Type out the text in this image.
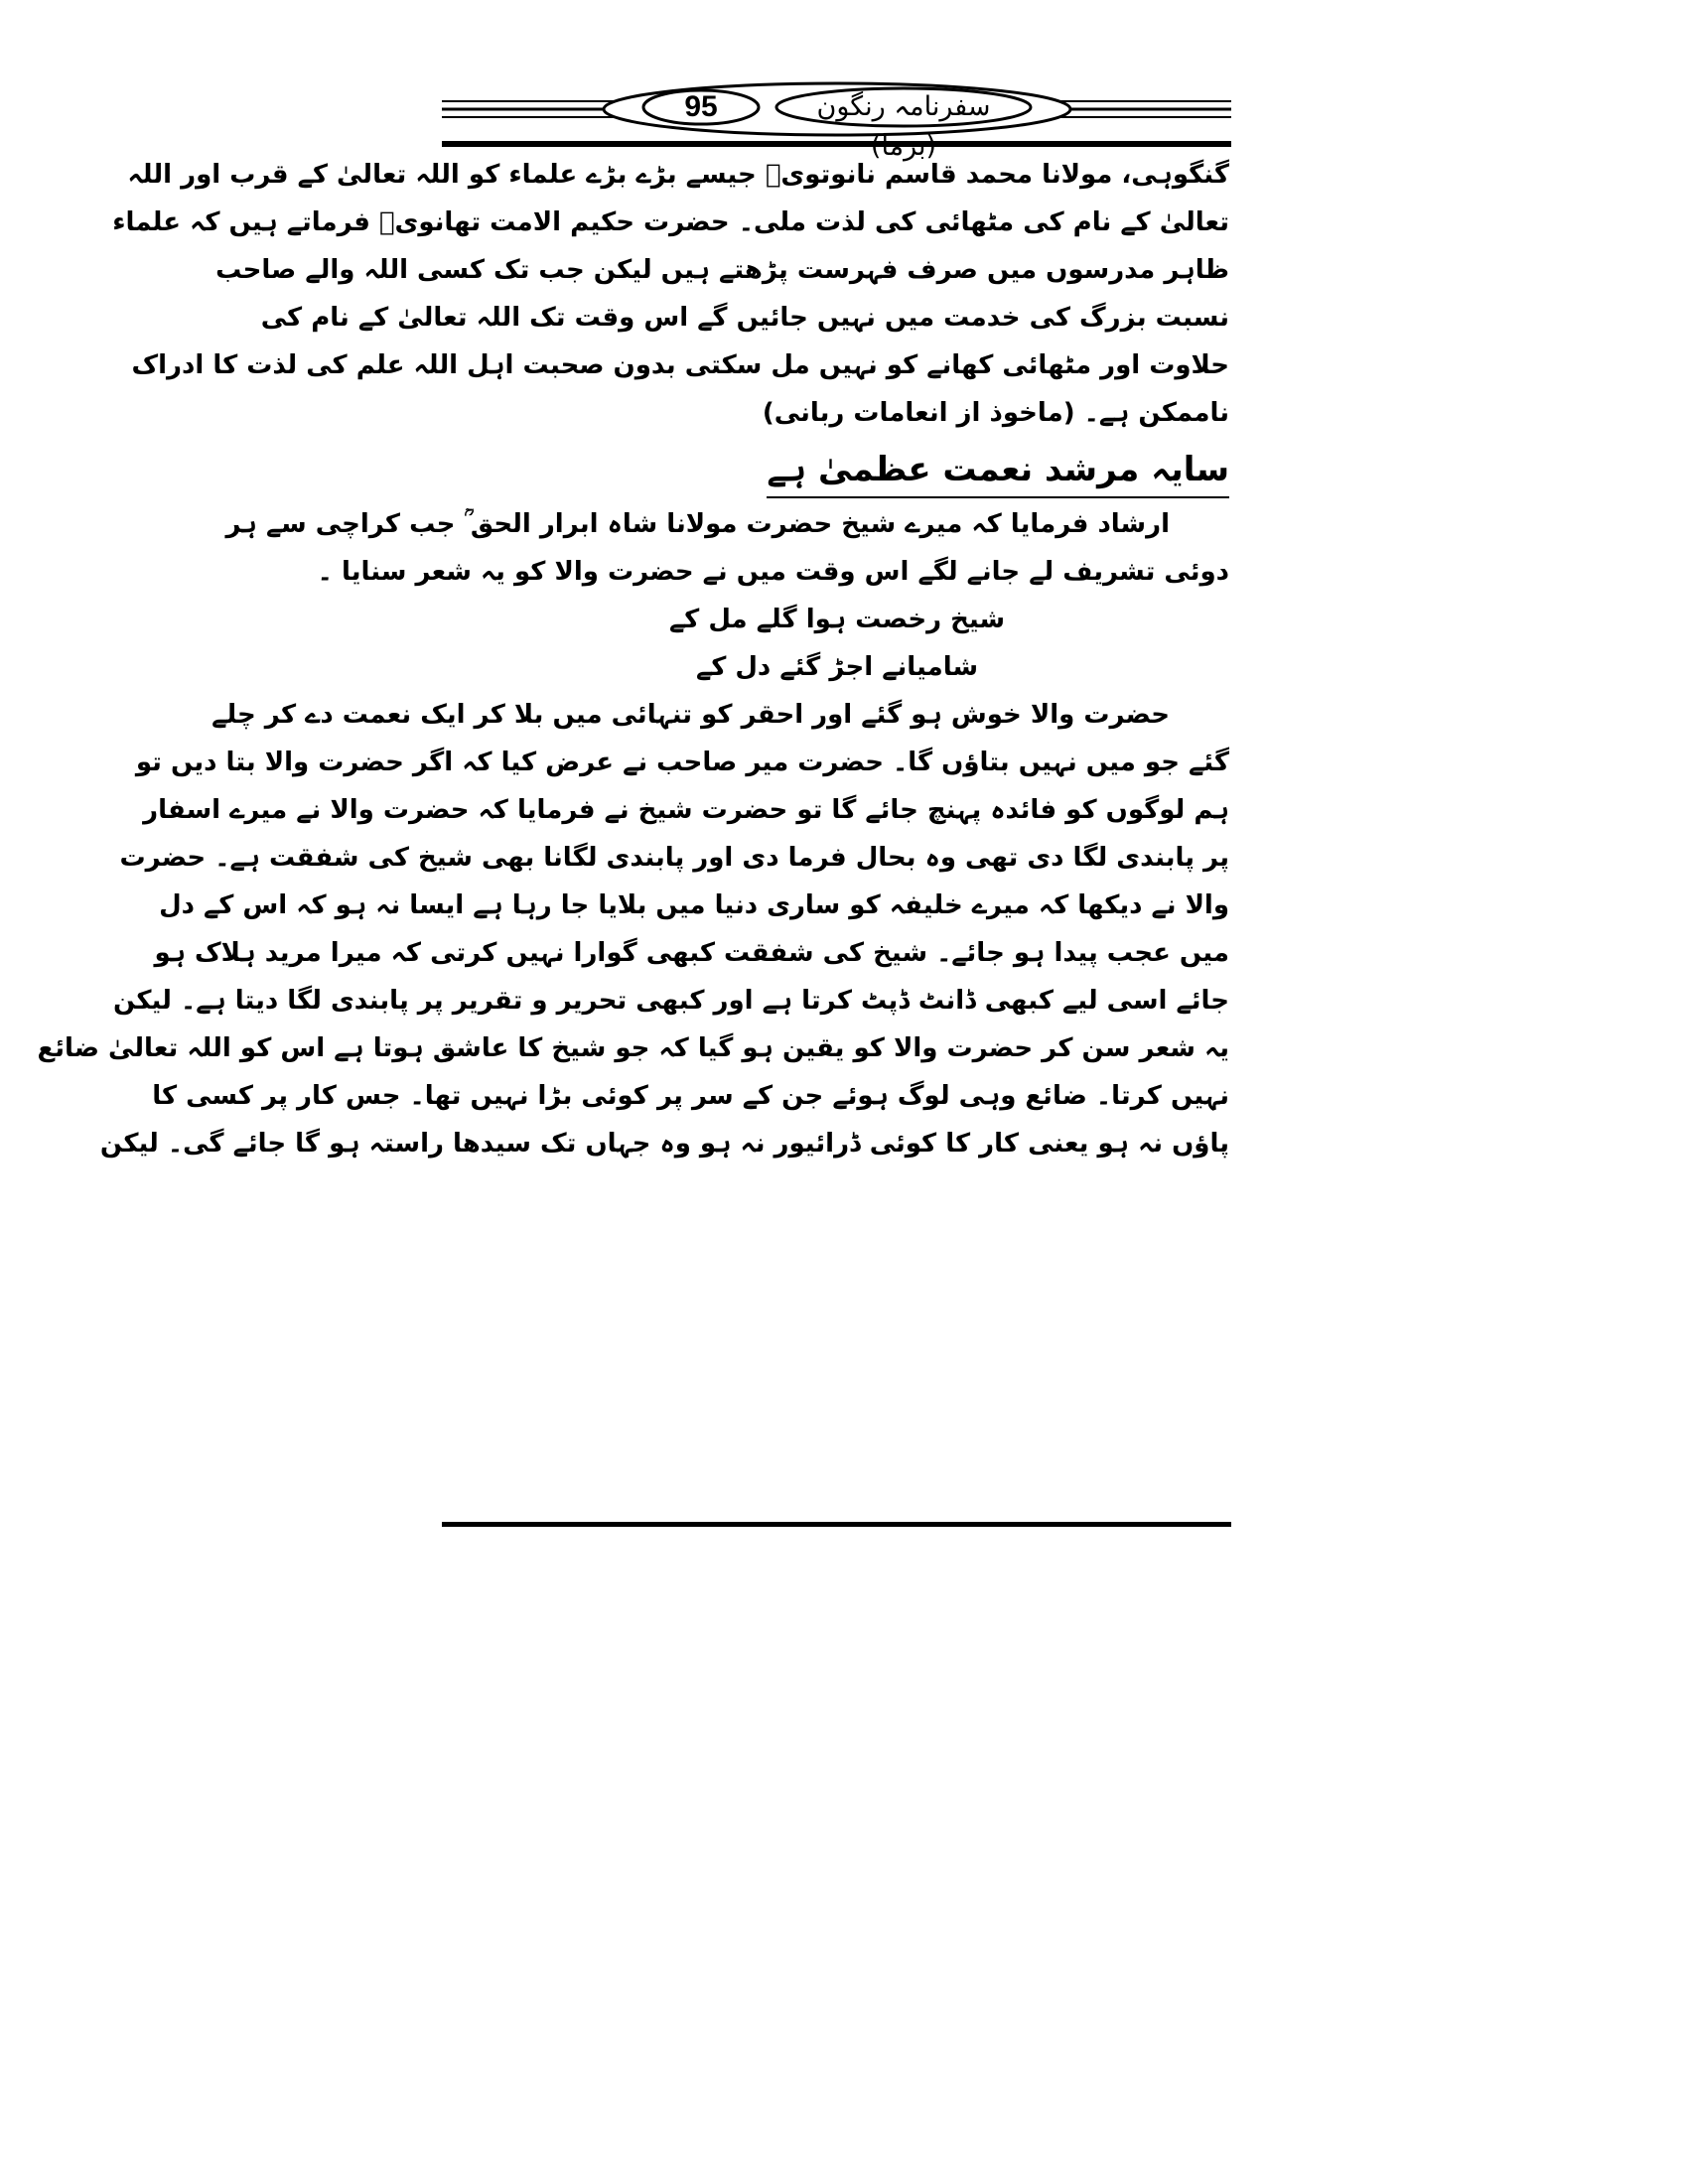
95	سفرنامہ رنگون
گنگوہی، مولانا محمد قاسم نانوتویؒ جیسے بڑے بڑے علماء کو اللہ تعالیٰ کے قرب اور اللہ
تعالیٰ کے نام کی مٹھائی کی لذت ملی۔ حضرت حکیم الامت تھانویؒ فرماتے ہیں کہ علماء
ظاہر مدرسوں میں صرف فہرست پڑھتے ہیں لیکن جب تک کسی اللہ والے صاحب
نسبت بزرگ کی خدمت میں نہیں جائیں گے اس وقت تک اللہ تعالیٰ کے نام کی
حلاوت اور مٹھائی کھانے کو نہیں مل سکتی بدون صحبت اہل اللہ علم کی لذت کا ادراک
ناممکن ہے۔ (ماخوذ از انعامات ربانی)
سایہ مرشد نعمت عظمیٰ ہے
ارشاد فرمایا کہ میرے شیخ حضرت مولانا شاہ ابرار الحق ؒ جب کراچی سے ہر
دوئی تشریف لے جانے لگے اس وقت میں نے حضرت والا کو یہ شعر سنایا ۔
شیخ رخصت ہوا گلے مل کے
شامیانے اجڑ گئے دل کے
حضرت والا خوش ہو گئے اور احقر کو تنہائی میں بلا کر ایک نعمت دے کر چلے
گئے جو میں نہیں بتاؤں گا۔ حضرت میر صاحب نے عرض کیا کہ اگر حضرت والا بتا دیں تو
ہم لوگوں کو فائدہ پہنچ جائے گا تو حضرت شیخ نے فرمایا کہ حضرت والا نے میرے اسفار
پر پابندی لگا دی تھی وہ بحال فرما دی اور پابندی لگانا بھی شیخ کی شفقت ہے۔ حضرت
والا نے دیکھا کہ میرے خلیفہ کو ساری دنیا میں بلایا جا رہا ہے ایسا نہ ہو کہ اس کے دل
میں عجب پیدا ہو جائے۔ شیخ کی شفقت کبھی گوارا نہیں کرتی کہ میرا مرید ہلاک ہو
جائے اسی لیے کبھی ڈانٹ ڈپٹ کرتا ہے اور کبھی تحریر و تقریر پر پابندی لگا دیتا ہے۔ لیکن
یہ شعر سن کر حضرت والا کو یقین ہو گیا کہ جو شیخ کا عاشق ہوتا ہے اس کو اللہ تعالیٰ ضائع
نہیں کرتا۔ ضائع وہی لوگ ہوئے جن کے سر پر کوئی بڑا نہیں تھا۔ جس کار پر کسی کا
پاؤں نہ ہو یعنی کار کا کوئی ڈرائیور نہ ہو وہ جہاں تک سیدھا راستہ ہو گا جائے گی۔ لیکن
